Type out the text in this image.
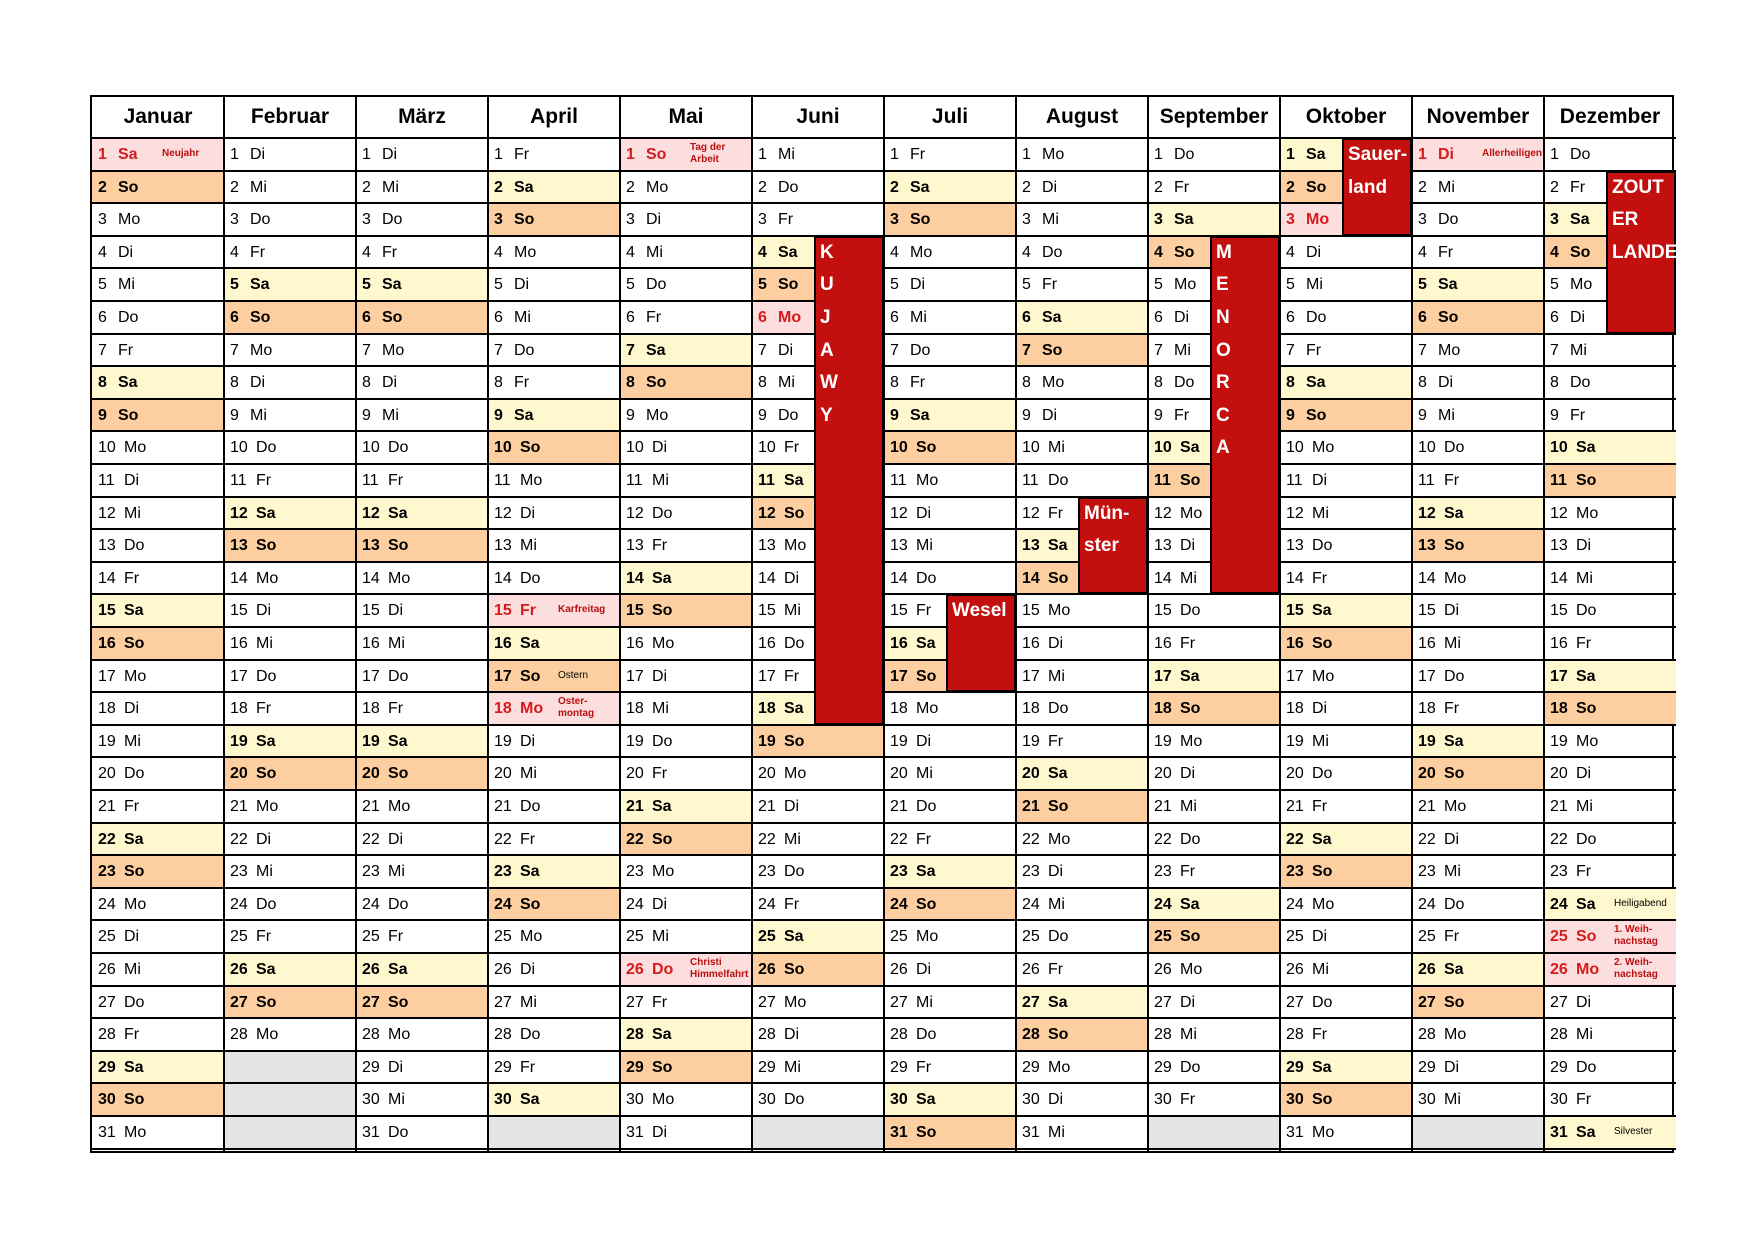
Januar
1 Sa Neujahr
2 So
3 Mo
4 Di
5 Mi
6 Do
7 Fr
8 Sa
9 So
10 Mo
11 Di
12 Mi
13 Do
14 Fr
15 Sa
16 So
17 Mo
18 Di
19 Mi
20 Do
21 Fr
22 Sa
23 So
24 Mo
25 Di
26 Mi
27 Do
28 Fr
29 Sa
30 So
31 Mo
Februar
1 Di
2 Mi
3 Do
4 Fr
5 Sa
6 So
7 Mo
8 Di
9 Mi
10 Do
11 Fr
12 Sa
13 So
14 Mo
15 Di
16 Mi
17 Do
18 Fr
19 Sa
20 So
21 Mo
22 Di
23 Mi
24 Do
25 Fr
26 Sa
27 So
28 Mo
März
1 Di
2 Mi
3 Do
4 Fr
5 Sa
6 So
7 Mo
8 Di
9 Mi
10 Do
11 Fr
12 Sa
13 So
14 Mo
15 Di
16 Mi
17 Do
18 Fr
19 Sa
20 So
21 Mo
22 Di
23 Mi
24 Do
25 Fr
26 Sa
27 So
28 Mo
29 Di
30 Mi
31 Do
April
1 Fr
2 Sa
3 So
4 Mo
5 Di
6 Mi
7 Do
8 Fr
9 Sa
10 So
11 Mo
12 Di
13 Mi
14 Do
15 Fr Karfreitag
16 Sa
17 So Ostern
18 Mo Oster-
montag
19 Di
20 Mi
21 Do
22 Fr
23 Sa
24 So
25 Mo
26 Di
27 Mi
28 Do
29 Fr
30 Sa
Mai
1 So Tag der
Arbeit
2 Mo
3 Di
4 Mi
5 Do
6 Fr
7 Sa
8 So
9 Mo
10 Di
11 Mi
12 Do
13 Fr
14 Sa
15 So
16 Mo
17 Di
18 Mi
19 Do
20 Fr
21 Sa
22 So
23 Mo
24 Di
25 Mi
26 Do Christi
Himmelfahrt
27 Fr
28 Sa
29 So
30 Mo
31 Di
Juni
1 Mi
2 Do
3 Fr
4 Sa
5 So
6 Mo
7 Di
8 Mi
9 Do
10 Fr
11 Sa
12 So
13 Mo
14 Di
15 Mi
16 Do
17 Fr
18 Sa
19 So
20 Mo
21 Di
22 Mi
23 Do
24 Fr
25 Sa
26 So
27 Mo
28 Di
29 Mi
30 Do
Juli
1 Fr
2 Sa
3 So
4 Mo
5 Di
6 Mi
7 Do
8 Fr
9 Sa
10 So
11 Mo
12 Di
13 Mi
14 Do
15 Fr
16 Sa
17 So
18 Mo
19 Di
20 Mi
21 Do
22 Fr
23 Sa
24 So
25 Mo
26 Di
27 Mi
28 Do
29 Fr
30 Sa
31 So
August
1 Mo
2 Di
3 Mi
4 Do
5 Fr
6 Sa
7 So
8 Mo
9 Di
10 Mi
11 Do
12 Fr
13 Sa
14 So
15 Mo
16 Di
17 Mi
18 Do
19 Fr
20 Sa
21 So
22 Mo
23 Di
24 Mi
25 Do
26 Fr
27 Sa
28 So
29 Mo
30 Di
31 Mi
September
1 Do
2 Fr
3 Sa
4 So
5 Mo
6 Di
7 Mi
8 Do
9 Fr
10 Sa
11 So
12 Mo
13 Di
14 Mi
15 Do
16 Fr
17 Sa
18 So
19 Mo
20 Di
21 Mi
22 Do
23 Fr
24 Sa
25 So
26 Mo
27 Di
28 Mi
29 Do
30 Fr
Oktober
1 Sa
2 So
3 Mo
4 Di
5 Mi
6 Do
7 Fr
8 Sa
9 So
10 Mo
11 Di
12 Mi
13 Do
14 Fr
15 Sa
16 So
17 Mo
18 Di
19 Mi
20 Do
21 Fr
22 Sa
23 So
24 Mo
25 Di
26 Mi
27 Do
28 Fr
29 Sa
30 So
31 Mo
November
1 Di	Allerheiligen
2 Mi
3 Do
4 Fr
5 Sa
6 So
7 Mo
8 Di
9 Mi
10 Do
11 Fr
12 Sa
13 So
14 Mo
15 Di
16 Mi
17 Do
18 Fr
19 Sa
20 So
21 Mo
22 Di
23 Mi
24 Do
25 Fr
26 Sa
27 So
28 Mo
29 Di
30 Mi
Dezember
1 Do
2 Fr
3 Sa
4 So
5 Mo
6 Di
7 Mi
8 Do
9 Fr
10 Sa
11 So
12 Mo
13 Di
14 Mi
15 Do
16 Fr
17 Sa
18 So
19 Mo
20 Di
21 Mi
22 Do
23 Fr
24 Sa Heiligabend
25 So 1. Weih-
nachstag
26 Mo 2. Weih-
nachstag
27 Di
28 Mi
29 Do
30 Fr
31 Sa Silvester
K
U
J
A
W
Y
Wesel
Mün-
ster
M
E
N
O
R
C
A
Sauer-
land	ZOUT
ER
LANDE
